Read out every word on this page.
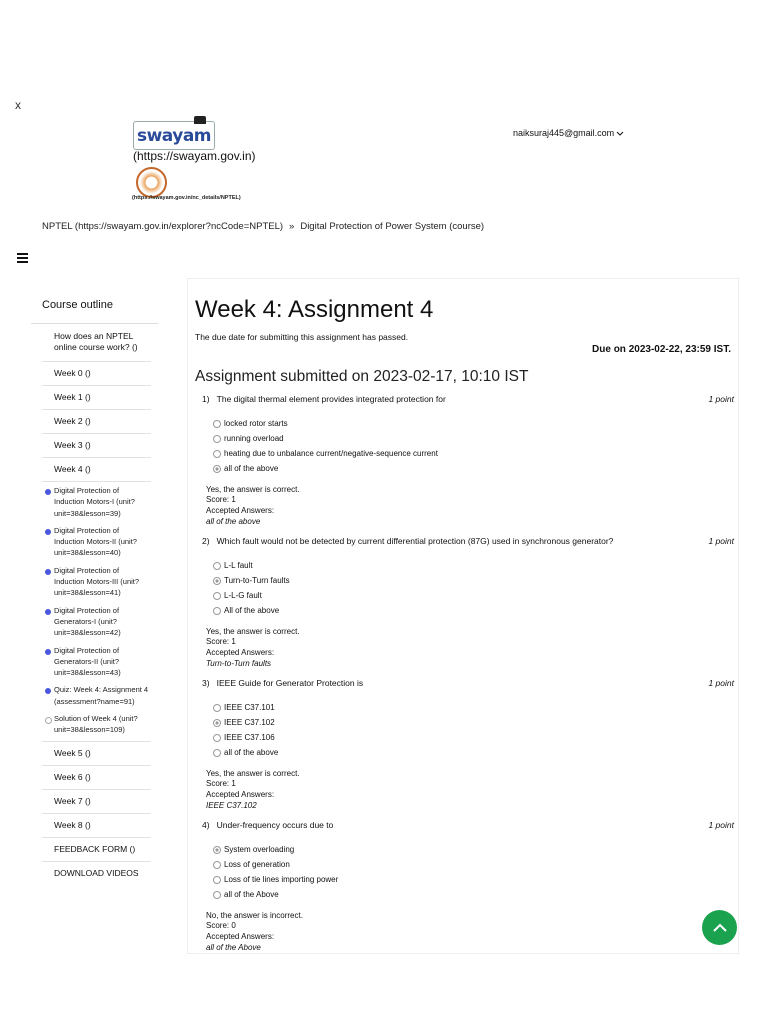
x
swayam
(https://swayam.gov.in)
(https://swayam.gov.in/nc_details/NPTEL)
naiksuraj445@gmail.com
NPTEL (https://swayam.gov.in/explorer?ncCode=NPTEL) » Digital Protection of Power System (course)
Course outline
How does an NPTEL online course work? ()
Week 0 ()
Week 1 ()
Week 2 ()
Week 3 ()
Week 4 ()
Digital Protection of Induction Motors-I (unit?unit=38&lesson=39)
Digital Protection of Induction Motors-II (unit?unit=38&lesson=40)
Digital Protection of Induction Motors-III (unit?unit=38&lesson=41)
Digital Protection of Generators-I (unit?unit=38&lesson=42)
Digital Protection of Generators-II (unit?unit=38&lesson=43)
Quiz: Week 4: Assignment 4 (assessment?name=91)
Solution of Week 4 (unit?unit=38&lesson=109)
Week 5 ()
Week 6 ()
Week 7 ()
Week 8 ()
FEEDBACK FORM ()
DOWNLOAD VIDEOS
Week 4: Assignment 4
The due date for submitting this assignment has passed.
Due on 2023-02-22, 23:59 IST.
Assignment submitted on 2023-02-17, 10:10 IST
1) The digital thermal element provides integrated protection for	1 point
locked rotor starts
running overload
heating due to unbalance current/negative-sequence current
all of the above
Yes, the answer is correct.
Score: 1
Accepted Answers:
all of the above
2) Which fault would not be detected by current differential protection (87G) used in synchronous generator?	1 point
L-L fault
Turn-to-Turn faults
L-L-G fault
All of the above
Yes, the answer is correct.
Score: 1
Accepted Answers:
Turn-to-Turn faults
3) IEEE Guide for Generator Protection is	1 point
IEEE C37.101
IEEE C37.102
IEEE C37.106
all of the above
Yes, the answer is correct.
Score: 1
Accepted Answers:
IEEE C37.102
4) Under-frequency occurs due to	1 point
System overloading
Loss of generation
Loss of tie lines importing power
all of the Above
No, the answer is incorrect.
Score: 0
Accepted Answers:
all of the Above
